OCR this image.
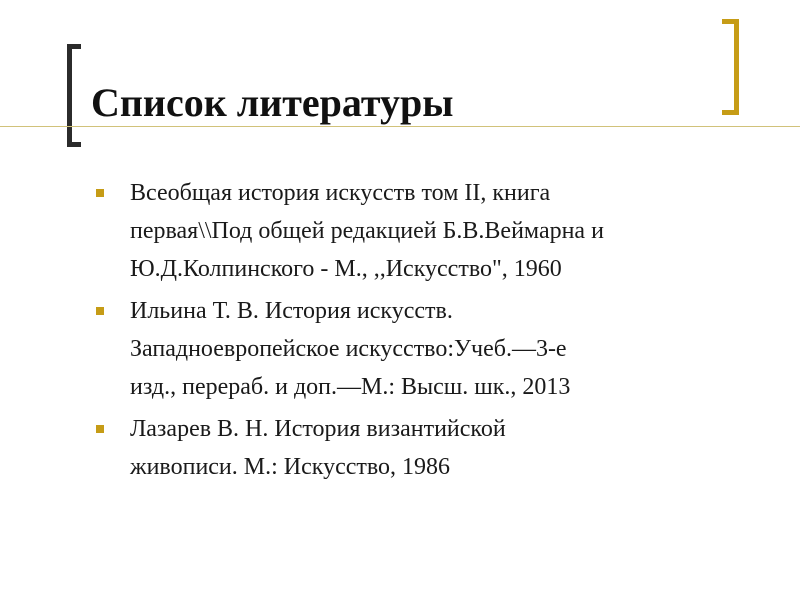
Список литературы
Всеобщая история искусств том II, книга
первая\\Под общей редакцией Б.В.Веймарна и
Ю.Д.Колпинского - М., ,,Искусство", 1960
Ильина Т. В. История искусств.
Западноевропейское искусство:Учеб.—3-е
изд., перераб. и доп.—М.: Высш. шк., 2013
Лазарев В. Н. История византийской
живописи. М.: Искусство, 1986
